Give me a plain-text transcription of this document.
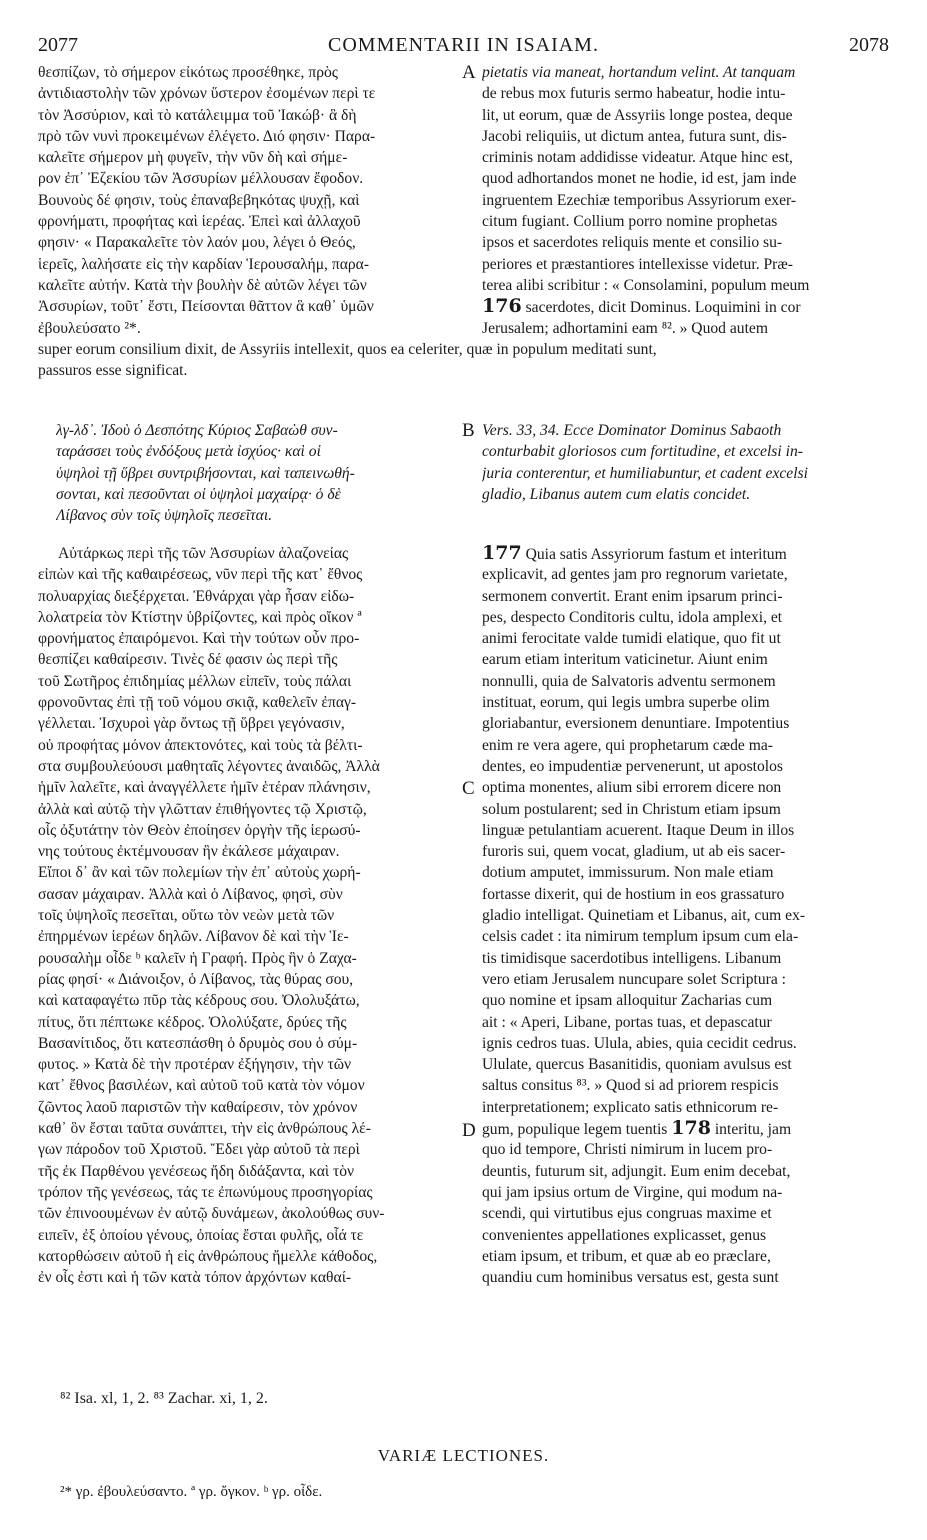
2077	COMMENTARII IN ISAIAM.	2078
θεσπίζων, τὸ σήμερον εἰκότως προσέθηκε, πρὸς
ἀντιδιαστολὴν τῶν χρόνων ὕστερον ἐσομένων περὶ τε
τὸν Ἀσσύριον, καὶ τὸ κατάλειμμα τοῦ Ἰακώβ· ἃ δὴ
πρὸ τῶν νυνὶ προκειμένων ἐλέγετο. Διό φησιν· Παρα-
καλεῖτε σήμερον μὴ φυγεῖν, τὴν νῦν δὴ καὶ σήμε-
ρον ἐπ᾽ Ἐζεκίου τῶν Ἀσσυρίων μέλλουσαν ἔφοδον.
Βουνοὺς δέ φησιν, τοὺς ἐπαναβεβηκότας ψυχῇ, καὶ
φρονήματι, προφήτας καὶ ἱερέας. Ἐπεὶ καὶ ἀλλαχοῦ
φησιν· « Παρακαλεῖτε τὸν λαόν μου, λέγει ὁ Θεός,
ἱερεῖς, λαλήσατε εἰς τὴν καρδίαν Ἱερουσαλήμ, παρα-
καλεῖτε αὐτήν. Κατὰ τὴν βουλὴν δὲ αὐτῶν λέγει τῶν
Ἀσσυρίων, τοῦτ᾽ ἔστι, Πείσονται θᾶττον ἃ καθ᾽ ὑμῶν
ἐβουλεύσατο ²*.
A pietatis via maneat, hortandum velint. At tanquam
de rebus mox futuris sermo habeatur, hodie intu-
lit, ut eorum, quæ de Assyriis longe postea, deque
Jacobi reliquiis, ut dictum antea, futura sunt, dis-
criminis notam addidisse videatur. Atque hinc est,
quod adhortandos monet ne hodie, id est, jam inde
ingruentem Ezechiæ temporibus Assyriorum exer-
citum fugiant. Collium porro nomine prophetas
ipsos et sacerdotes reliquis mente et consilio su-
periores et præstantiores intellexisse videtur. Præ-
terea alibi scribitur : « Consolamini, populum meum
176 sacerdotes, dicit Dominus. Loquimini in cor
Jerusalem; adhortamini eam ⁸². » Quod autem
super eorum consilium dixit, de Assyriis intellexit, quos ea celeriter, quæ in populum meditati sunt,
passuros esse significat.
λγ-λδ᾽. Ἰδοὺ ὁ Δεσπότης Κύριος Σαβαὼθ συν-
ταράσσει τοὺς ἐνδόξους μετὰ ἰσχύος· καὶ οἱ
ὑψηλοὶ τῇ ὕβρει συντριβήσονται, καὶ ταπεινωθή-
σονται, καὶ πεσοῦνται οἱ ὑψηλοὶ μαχαίρᾳ· ὁ δὲ
Λίβανος σὺν τοῖς ὑψηλοῖς πεσεῖται.
B Vers. 33, 34. Ecce Dominator Dominus Sabaoth
conturbabit gloriosos cum fortitudine, et excelsi in-
juria conterentur, et humiliabuntur, et cadent excelsi
gladio, Libanus autem cum elatis concidet.
Αὐτάρκως περὶ τῆς τῶν Ἀσσυρίων ἀλαζονείας
εἰπὼν καὶ τῆς καθαιρέσεως, νῦν περὶ τῆς κατ᾽ ἔθνος
πολυαρχίας διεξέρχεται. Ἐθνάρχαι γὰρ ἦσαν εἰδω-
λολατρεία τὸν Κτίστην ὑβρίζοντες, καὶ πρὸς οἴκον ª
φρονήματος ἐπαιρόμενοι. Καὶ τὴν τούτων οὖν προ-
θεσπίζει καθαίρεσιν. Τινὲς δέ φασιν ὡς περὶ τῆς
τοῦ Σωτῆρος ἐπιδημίας μέλλων εἰπεῖν, τοὺς πάλαι
φρονοῦντας ἐπὶ τῇ τοῦ νόμου σκιᾷ, καθελεῖν ἐπαγ-
γέλλεται. Ἰσχυροὶ γὰρ ὄντως τῇ ὕβρει γεγόνασιν,
οὐ προφήτας μόνον ἀπεκτονότες, καὶ τοὺς τὰ βέλτι-
στα συμβουλεύουσι μαθηταῖς λέγοντες ἀναιδῶς, Ἀλλὰ
ἡμῖν λαλεῖτε, καὶ ἀναγγέλλετε ἡμῖν ἑτέραν πλάνησιν,
ἀλλὰ καὶ αὐτῷ τὴν γλῶτταν ἐπιθήγοντες τῷ Χριστῷ,
οἷς ὀξυτάτην τὸν Θεὸν ἐποίησεν ὀργὴν τῆς ἱερωσύ-
νης τούτους ἐκτέμνουσαν ἣν ἐκάλεσε μάχαιραν.
Εἴποι δ᾽ ἂν καὶ τῶν πολεμίων τὴν ἐπ᾽ αὐτοὺς χωρή-
σασαν μάχαιραν. Ἀλλὰ καὶ ὁ Λίβανος, φησὶ, σὺν
τοῖς ὑψηλοῖς πεσεῖται, οὕτω τὸν νεὼν μετὰ τῶν
ἐπηρμένων ἱερέων δηλῶν. Λίβανον δὲ καὶ τὴν Ἱε-
ρουσαλὴμ οἶδε ᵇ καλεῖν ἡ Γραφή. Πρὸς ἣν ὁ Ζαχα-
ρίας φησί· « Διάνοιξον, ὁ Λίβανος, τὰς θύρας σου,
καὶ καταφαγέτω πῦρ τὰς κέδρους σου. Ὀλολυξάτω,
πίτυς, ὅτι πέπτωκε κέδρος. Ὀλολύξατε, δρύες τῆς
Βασανίτιδος, ὅτι κατεσπάσθη ὁ δρυμὸς σου ὁ σύμ-
φυτος. » Κατὰ δὲ τὴν προτέραν ἐξήγησιν, τὴν τῶν
κατ᾽ ἔθνος βασιλέων, καὶ αὐτοῦ τοῦ κατὰ τὸν νόμον
ζῶντος λαοῦ παριστῶν τὴν καθαίρεσιν, τὸν χρόνον
καθ᾽ ὃν ἔσται ταῦτα συνάπτει, τὴν εἰς ἀνθρώπους λέ-
γων πάροδον τοῦ Χριστοῦ. Ἔδει γὰρ αὐτοῦ τὰ περὶ
τῆς ἐκ Παρθένου γενέσεως ἤδη διδάξαντα, καὶ τὸν
τρόπον τῆς γενέσεως, τάς τε ἐπωνύμους προσηγορίας
τῶν ἐπινοουμένων ἐν αὐτῷ δυνάμεων, ἀκολούθως συν-
ειπεῖν, ἐξ ὁποίου γένους, ὁποίας ἔσται φυλῆς, οἷά τε
κατορθώσειν αὐτοῦ ἡ εἰς ἀνθρώπους ἤμελλε κάθοδος,
ἐν οἷς ἐστι καὶ ἡ τῶν κατὰ τόπον ἀρχόντων καθαί-
C
D
177 Quia satis Assyriorum fastum et interitum
explicavit, ad gentes jam pro regnorum varietate,
sermonem convertit. Erant enim ipsarum princi-
pes, despecto Conditoris cultu, idola amplexi, et
animi ferocitate valde tumidi elatique, quo fit ut
earum etiam interitum vaticinetur. Aiunt enim
nonnulli, quia de Salvatoris adventu sermonem
instituat, eorum, qui legis umbra superbe olim
gloriabantur, eversionem denuntiare. Impotentius
enim re vera agere, qui prophetarum cæde ma-
dentes, eo impudentiæ pervenerunt, ut apostolos
optima monentes, alium sibi errorem dicere non
solum postularent; sed in Christum etiam ipsum
linguæ petulantiam acuerent. Itaque Deum in illos
furoris sui, quem vocat, gladium, ut ab eis sacer-
dotium amputet, immissurum. Non male etiam
fortasse dixerit, qui de hostium in eos grassaturo
gladio intelligat. Quinetiam et Libanus, ait, cum ex-
celsis cadet : ita nimirum templum ipsum cum ela-
tis timidisque sacerdotibus intelligens. Libanum
vero etiam Jerusalem nuncupare solet Scriptura :
quo nomine et ipsam alloquitur Zacharias cum
ait : « Aperi, Libane, portas tuas, et depascatur
ignis cedros tuas. Ulula, abies, quia cecidit cedrus.
Ululate, quercus Basanitidis, quoniam avulsus est
saltus consitus ⁸³. » Quod si ad priorem respicis
interpretationem; explicato satis ethnicorum re-
gum, populique legem tuentis 178 interitu, jam
quo id tempore, Christi nimirum in lucem pro-
deuntis, futurum sit, adjungit. Eum enim decebat,
qui jam ipsius ortum de Virgine, qui modum na-
scendi, qui virtutibus ejus congruas maxime et
convenientes appellationes explicasset, genus
etiam ipsum, et tribum, et quæ ab eo præclare,
quandiu cum hominibus versatus est, gesta sunt
⁸² Isa. xl, 1, 2. ⁸³ Zachar. xi, 1, 2.
VARIÆ LECTIONES.
²* γρ. ἐβουλεύσαντο. ª γρ. ὄγκον. ᵇ γρ. οἶδε.
